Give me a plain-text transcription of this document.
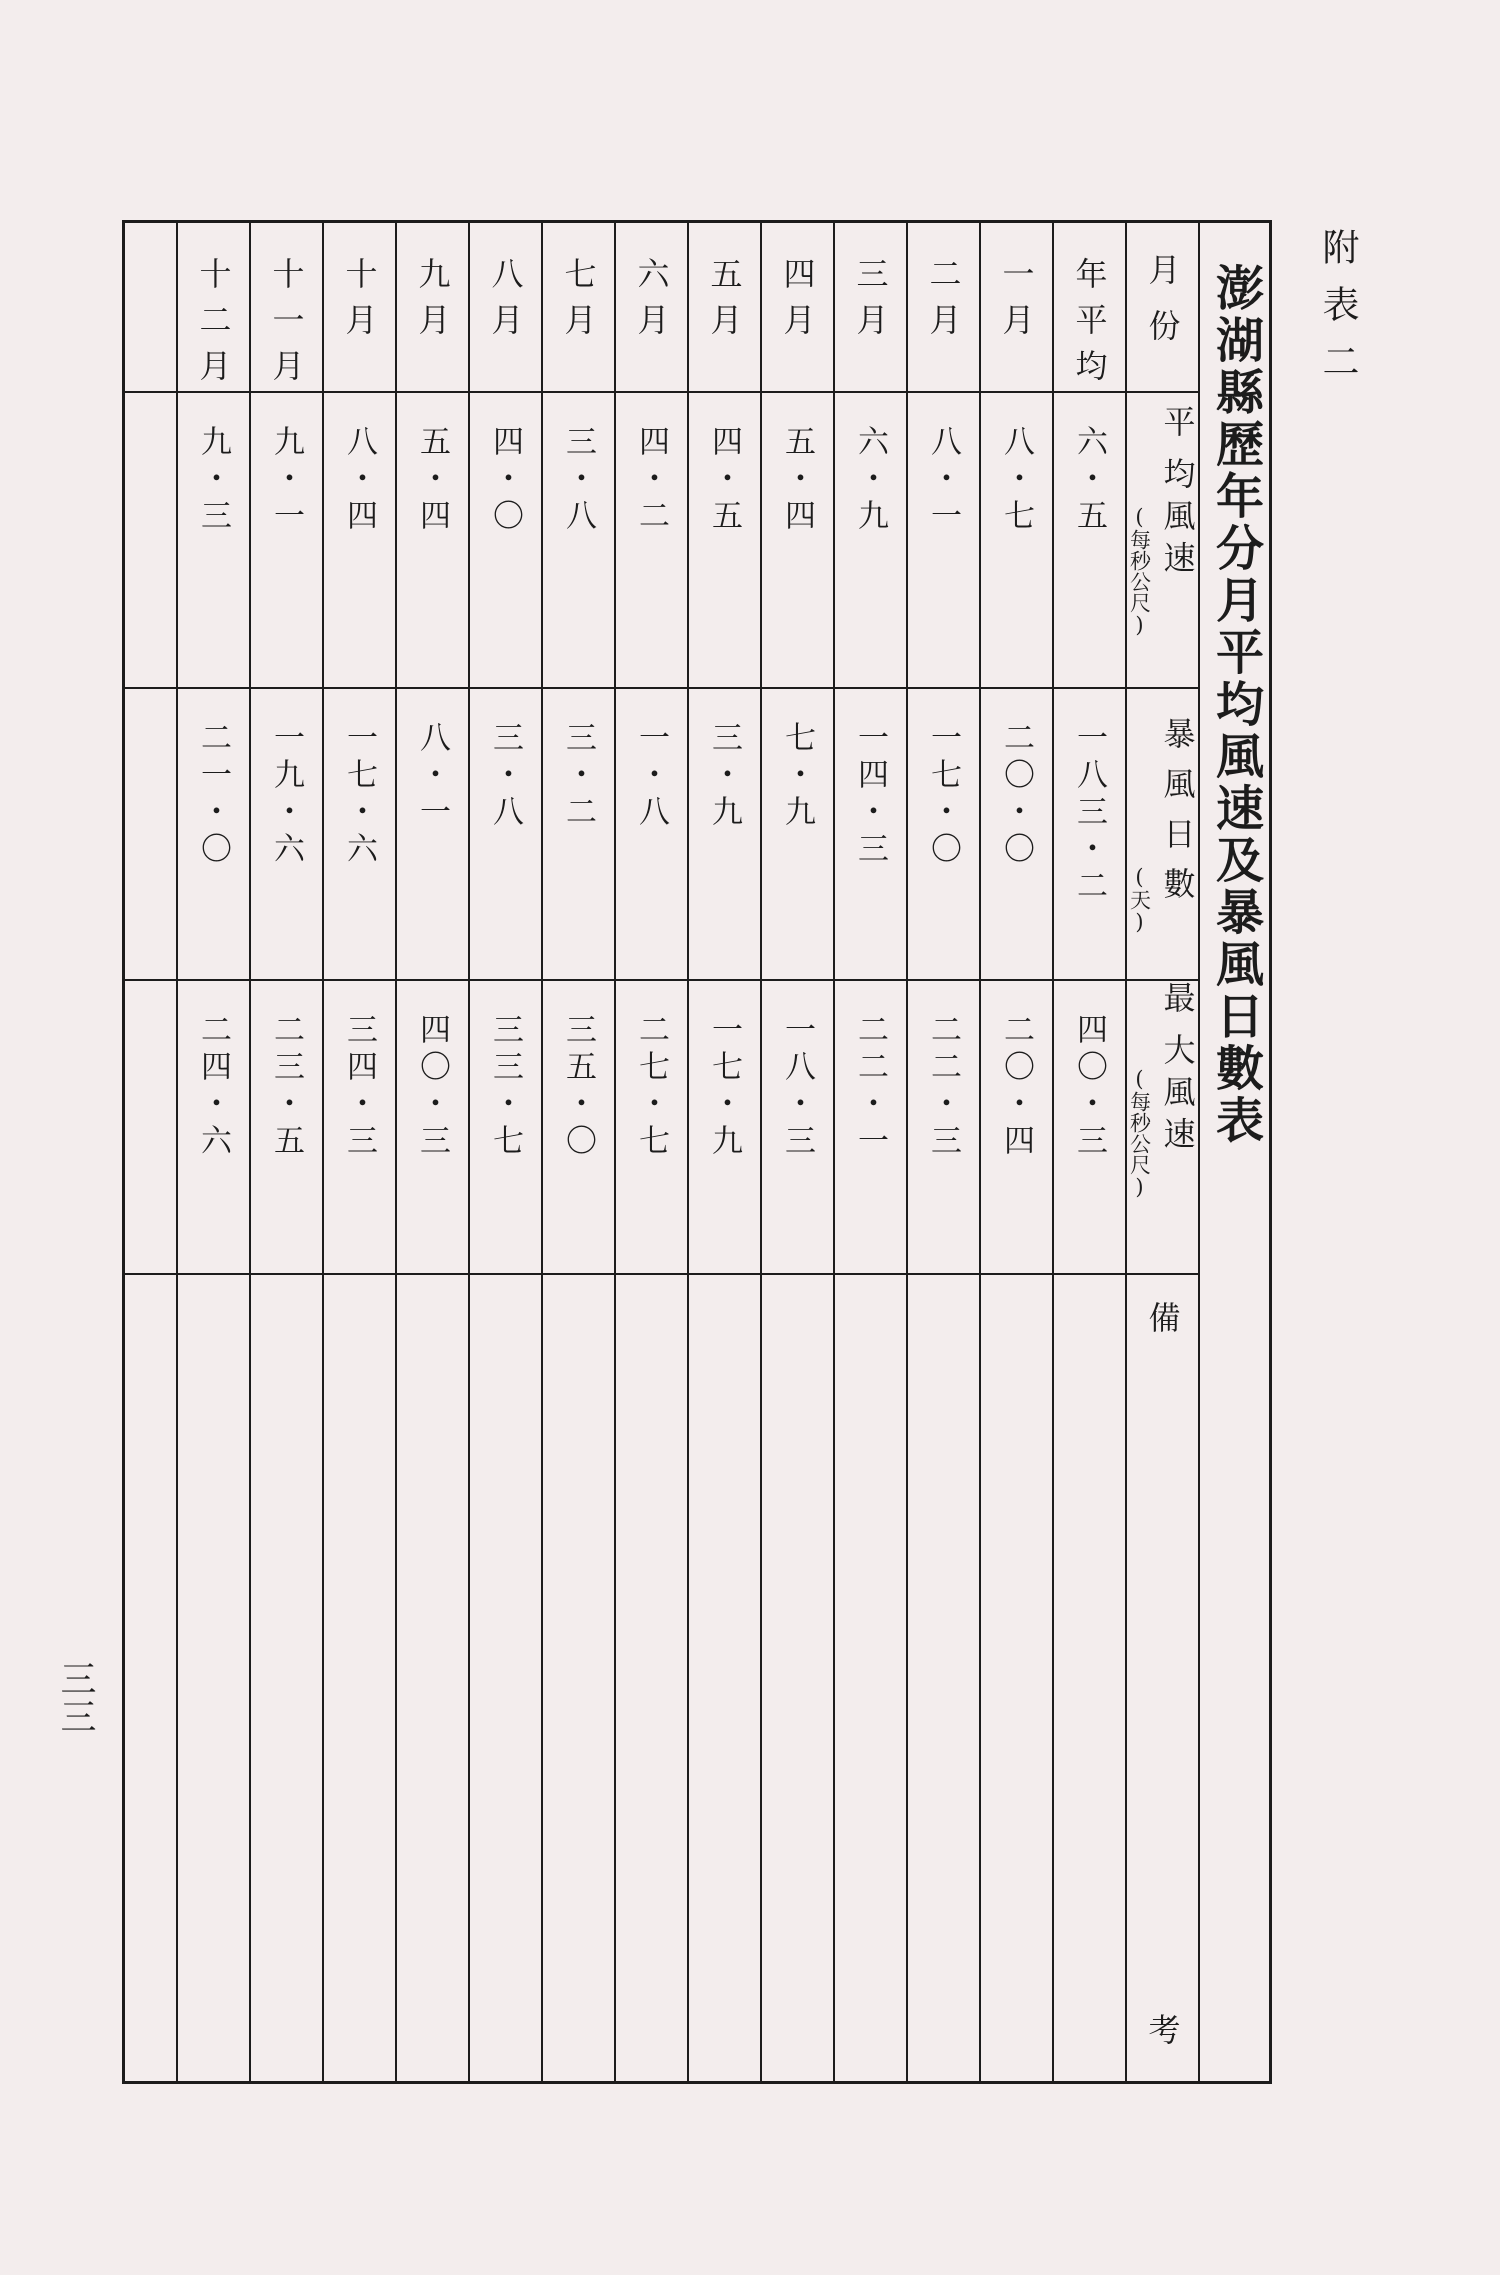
附表二
三三
澎湖縣歷年分月平均風速及暴風日數表
月份
平
均風速
(每秒公尺)
暴風日數
(天)
最
大風速
(每秒公尺)
備
考
年平均
六・五
一八三・二
四〇・三
一月
八・七
二〇・〇
二〇・四
二月
八・一
一七・〇
二二・三
三月
六・九
一四・三
二二・一
四月
五・四
七・九
一八・三
五月
四・五
三・九
一七・九
六月
四・二
一・八
二七・七
七月
三・八
三・二
三五・〇
八月
四・〇
三・八
三三・七
九月
五・四
八・一
四〇・三
十月
八・四
一七・六
三四・三
十一月
九・一
一九・六
二三・五
十二月
九・三
二一・〇
二四・六
